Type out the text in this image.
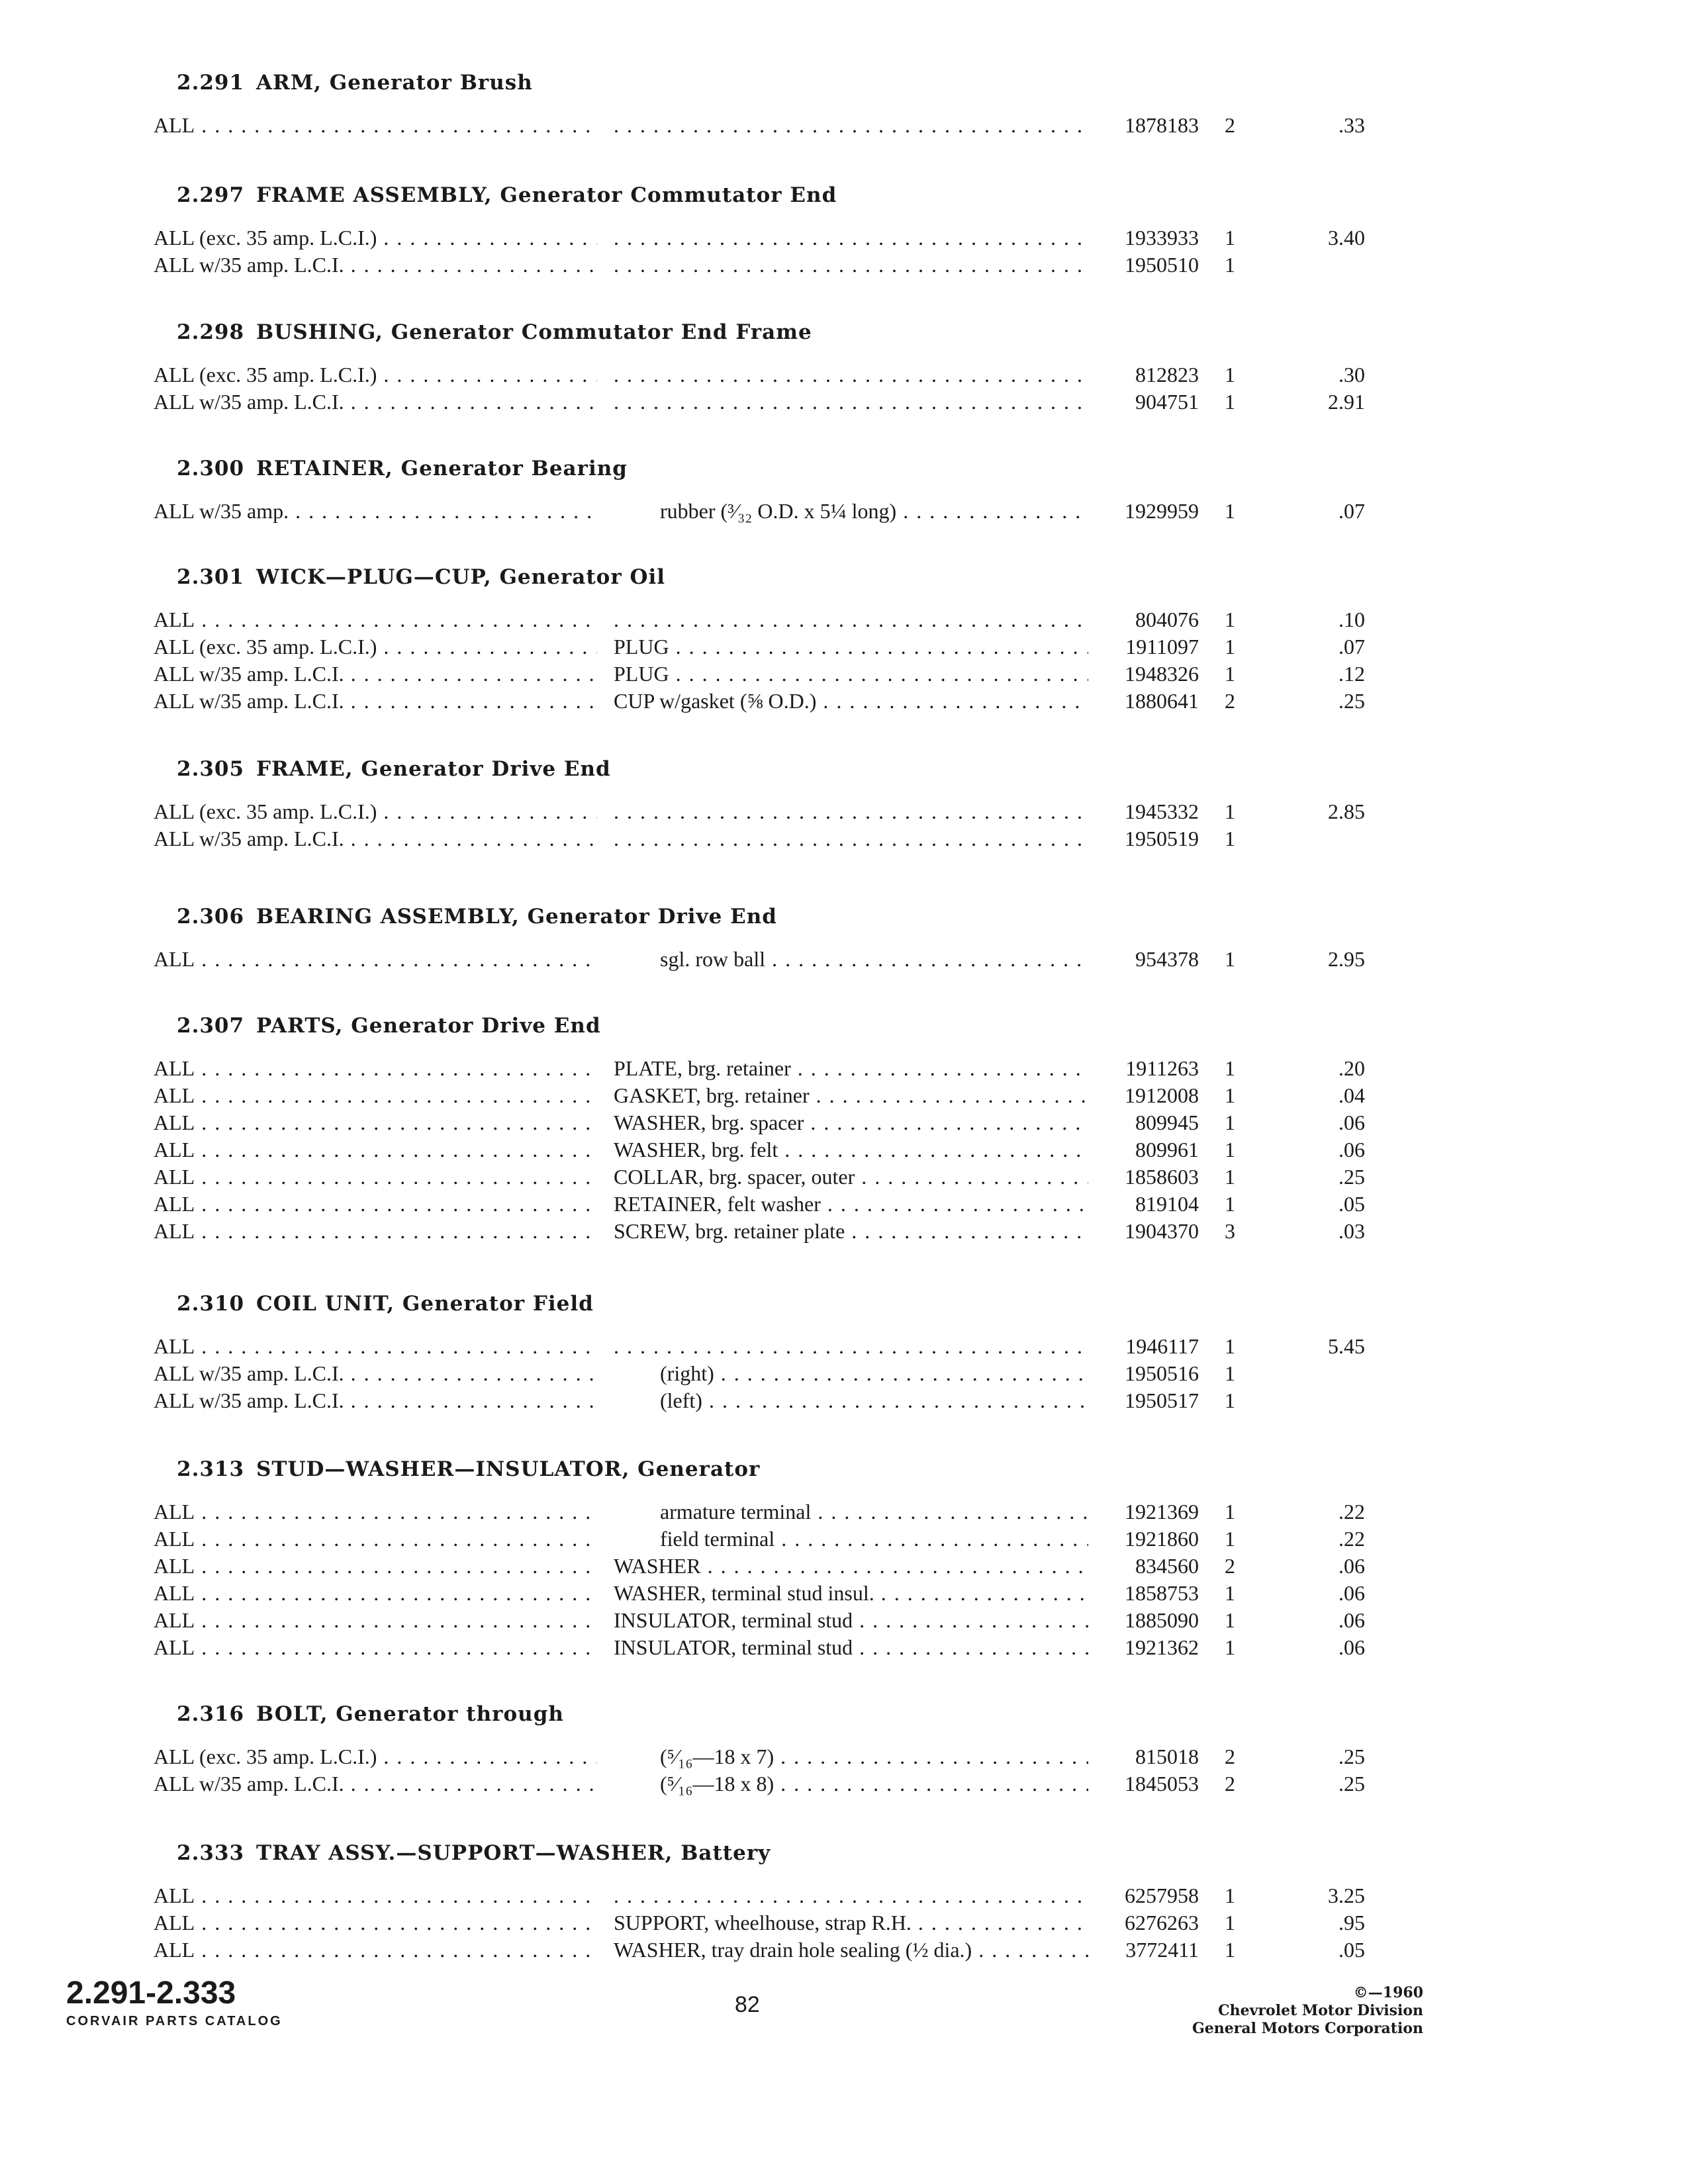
2.291 ARM, Generator Brush
ALL . . . . . .	1878183 2	.33
2.297 FRAME ASSEMBLY, Generator Commutator End
ALL (exc. 35 amp. L.C.I.) . . . . . .	1933933 1	3.40
ALL w/35 amp. L.C.I. . . . . . .	1950510 1
2.298 BUSHING, Generator Commutator End Frame
ALL (exc. 35 amp. L.C.I.) . . . . . .	812823 1	.30
ALL w/35 amp. L.C.I. . . . . . .	904751 1	2.91
2.300 RETAINER, Generator Bearing
ALL w/35 amp. . . .	rubber (³⁄₃₂ O.D. x 5¼ long) . . .	1929959 1	.07
2.301 WICK—PLUG—CUP, Generator Oil
ALL . . . . . .	804076 1	.10
ALL (exc. 35 amp. L.C.I.) . . .	PLUG . . .	1911097 1	.07
ALL w/35 amp. L.C.I. . . .	PLUG . . .	1948326 1	.12
ALL w/35 amp. L.C.I. . . .	CUP w/gasket (⅝ O.D.) . . .	1880641 2	.25
2.305 FRAME, Generator Drive End
ALL (exc. 35 amp. L.C.I.) . . . . . .	1945332 1	2.85
ALL w/35 amp. L.C.I. . . . . . .	1950519 1
2.306 BEARING ASSEMBLY, Generator Drive End
ALL . . .	sgl. row ball . . .	954378 1	2.95
2.307 PARTS, Generator Drive End
ALL . . .	PLATE, brg. retainer . . .	1911263 1	.20
ALL . . .	GASKET, brg. retainer . . .	1912008 1	.04
ALL . . .	WASHER, brg. spacer . . .	809945 1	.06
ALL . . .	WASHER, brg. felt . . .	809961 1	.06
ALL . . .	COLLAR, brg. spacer, outer . . .	1858603 1	.25
ALL . . .	RETAINER, felt washer . . .	819104 1	.05
ALL . . .	SCREW, brg. retainer plate . . .	1904370 3	.03
2.310 COIL UNIT, Generator Field
ALL . . . . . .	1946117 1	5.45
ALL w/35 amp. L.C.I. . . .	(right) . . .	1950516 1
ALL w/35 amp. L.C.I. . . .	(left) . . .	1950517 1
2.313 STUD—WASHER—INSULATOR, Generator
ALL . . .	armature terminal . . .	1921369 1	.22
ALL . . .	field terminal . . .	1921860 1	.22
ALL . . .	WASHER . . .	834560 2	.06
ALL . . .	WASHER, terminal stud insul. . . .	1858753 1	.06
ALL . . .	INSULATOR, terminal stud . . .	1885090 1	.06
ALL . . .	INSULATOR, terminal stud . . .	1921362 1	.06
2.316 BOLT, Generator through
ALL (exc. 35 amp. L.C.I.) . . .	(⁵⁄₁₆—18 x 7) . . .	815018 2	.25
ALL w/35 amp. L.C.I. . . .	(⁵⁄₁₆—18 x 8) . . .	1845053 2	.25
2.333 TRAY ASSY.—SUPPORT—WASHER, Battery
ALL . . . . . .	6257958 1	3.25
ALL . . .	SUPPORT, wheelhouse, strap R.H. . . .	6276263 1	.95
ALL . . .	WASHER, tray drain hole sealing (½ dia.) . . .	3772411 1	.05
2.291-2.333
CORVAIR PARTS CATALOG
82	©—1960
Chevrolet Motor Division
General Motors Corporation
